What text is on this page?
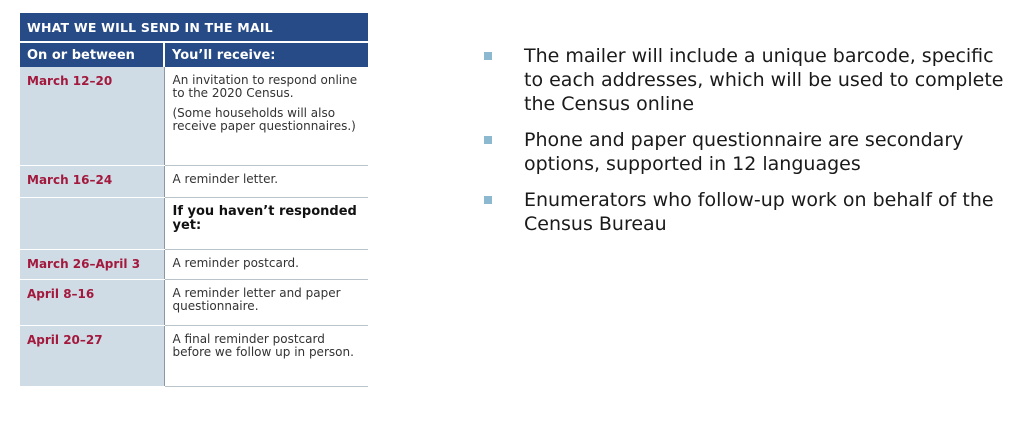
WHAT WE WILL SEND IN THE MAIL	
On or between	You’ll receive:
March 12–20	An invitation to respond online to the 2020 Census.
(Some households will also receive paper questionnaires.)

March 16–24	A reminder letter.
	If you haven’t responded yet:
March 26–April 3	A reminder postcard.
April 8–16	A reminder letter and paper questionnaire.
April 20–27	A final reminder postcard before we follow up in person.
The mailer will include a unique barcode, specific to each addresses, which will be used to complete the Census online
Phone and paper questionnaire are secondary options, supported in 12 languages
Enumerators who follow-up work on behalf of the Census Bureau
